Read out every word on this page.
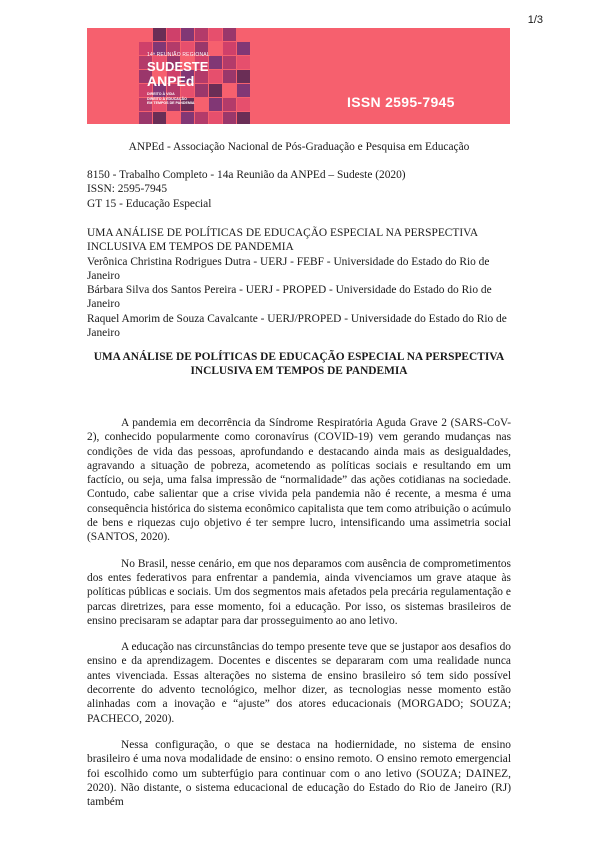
1/3
14ª REUNIÃO REGIONAL
SUDESTE
ANPEd
DIREITO À VIDA
DIREITO À EDUCAÇÃO
EM TEMPOS DE PANDEMIA	ISSN 2595-7945
ANPEd - Associação Nacional de Pós-Graduação e Pesquisa em Educação
8150 - Trabalho Completo - 14a Reunião da ANPEd – Sudeste (2020)
ISSN: 2595-7945
GT 15 - Educação Especial
UMA ANÁLISE DE POLÍTICAS DE EDUCAÇÃO ESPECIAL NA PERSPECTIVA
INCLUSIVA EM TEMPOS DE PANDEMIA
Verônica Christina Rodrigues Dutra - UERJ - FEBF - Universidade do Estado do Rio de
Janeiro
Bárbara Silva dos Santos Pereira - UERJ - PROPED - Universidade do Estado do Rio de
Janeiro
Raquel Amorim de Souza Cavalcante - UERJ/PROPED - Universidade do Estado do Rio de
Janeiro
UMA ANÁLISE DE POLÍTICAS DE EDUCAÇÃO ESPECIAL NA PERSPECTIVA
INCLUSIVA EM TEMPOS DE PANDEMIA

A pandemia em decorrência da Síndrome Respiratória Aguda Grave 2 (SARS-CoV-2), conhecido popularmente como coronavírus (COVID-19) vem gerando mudanças nas condições de vida das pessoas, aprofundando e destacando ainda mais as desigualdades, agravando a situação de pobreza, acometendo as políticas sociais e resultando em um factício, ou seja, uma falsa impressão de “normalidade” das ações cotidianas na sociedade. Contudo, cabe salientar que a crise vivida pela pandemia não é recente, a mesma é uma consequência histórica do sistema econômico capitalista que tem como atribuição o acúmulo de bens e riquezas cujo objetivo é ter sempre lucro, intensificando uma assimetria social (SANTOS, 2020).

No Brasil, nesse cenário, em que nos deparamos com ausência de comprometimentos dos entes federativos para enfrentar a pandemia, ainda vivenciamos um grave ataque às políticas públicas e sociais. Um dos segmentos mais afetados pela precária regulamentação e parcas diretrizes, para esse momento, foi a educação. Por isso, os sistemas brasileiros de ensino precisaram se adaptar para dar prosseguimento ao ano letivo.

A educação nas circunstâncias do tempo presente teve que se justapor aos desafios do ensino e da aprendizagem. Docentes e discentes se depararam com uma realidade nunca antes vivenciada. Essas alterações no sistema de ensino brasileiro só tem sido possível decorrente do advento tecnológico, melhor dizer, as tecnologias nesse momento estão alinhadas com a inovação e “ajuste” dos atores educacionais (MORGADO; SOUZA; PACHECO, 2020).

Nessa configuração, o que se destaca na hodiernidade, no sistema de ensino brasileiro é uma nova modalidade de ensino: o ensino remoto. O ensino remoto emergencial foi escolhido como um subterfúgio para continuar com o ano letivo (SOUZA; DAINEZ, 2020). Não distante, o sistema educacional de educação do Estado do Rio de Janeiro (RJ) também
